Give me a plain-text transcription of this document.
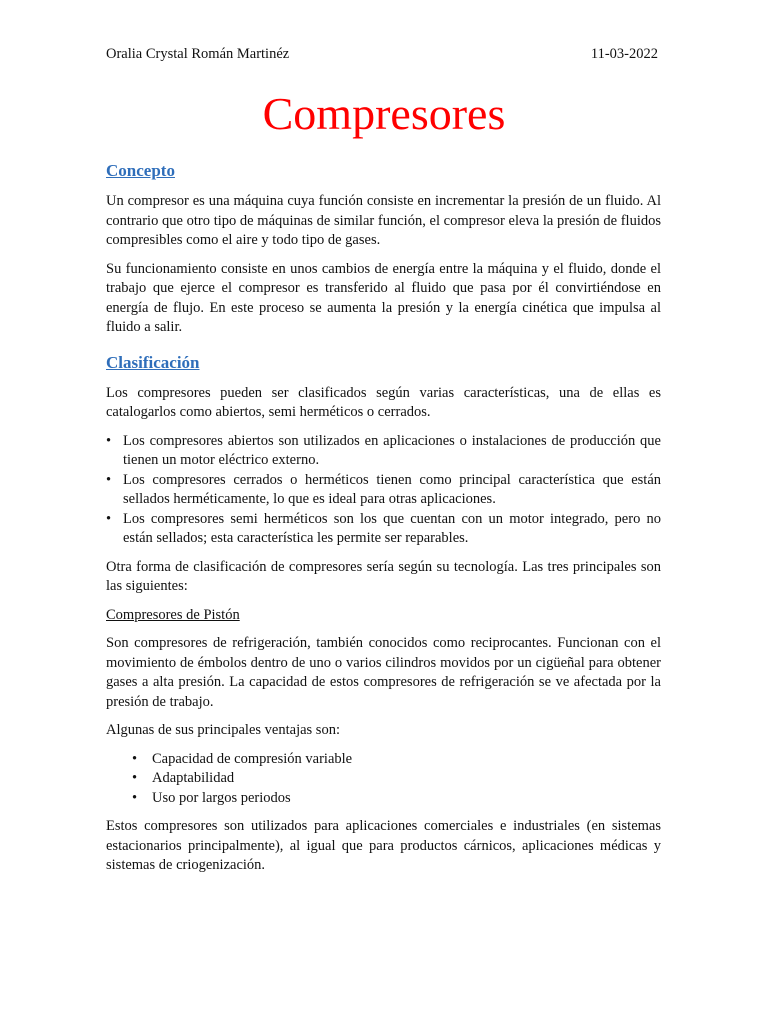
Oralia Crystal Román Martinéz	11-03-2022
Compresores
Concepto

Un compresor es una máquina cuya función consiste en incrementar la presión de un fluido. Al contrario que otro tipo de máquinas de similar función, el compresor eleva la presión de fluidos compresibles como el aire y todo tipo de gases.

Su funcionamiento consiste en unos cambios de energía entre la máquina y el fluido, donde el trabajo que ejerce el compresor es transferido al fluido que pasa por él convirtiéndose en energía de flujo. En este proceso se aumenta la presión y la energía cinética que impulsa al fluido a salir.

Clasificación

Los compresores pueden ser clasificados según varias características, una de ellas es catalogarlos como abiertos, semi herméticos o cerrados.

• Los compresores abiertos son utilizados en aplicaciones o instalaciones de producción que tienen un motor eléctrico externo.
• Los compresores cerrados o herméticos tienen como principal característica que están sellados herméticamente, lo que es ideal para otras aplicaciones.
• Los compresores semi herméticos son los que cuentan con un motor integrado, pero no están sellados; esta característica les permite ser reparables.

Otra forma de clasificación de compresores sería según su tecnología. Las tres principales son las siguientes:

Compresores de Pistón

Son compresores de refrigeración, también conocidos como reciprocantes. Funcionan con el movimiento de émbolos dentro de uno o varios cilindros movidos por un cigüeñal para obtener gases a alta presión. La capacidad de estos compresores de refrigeración se ve afectada por la presión de trabajo.

Algunas de sus principales ventajas son:

• Capacidad de compresión variable
• Adaptabilidad
• Uso por largos periodos

Estos compresores son utilizados para aplicaciones comerciales e industriales (en sistemas estacionarios principalmente), al igual que para productos cárnicos, aplicaciones médicas y sistemas de criogenización.
